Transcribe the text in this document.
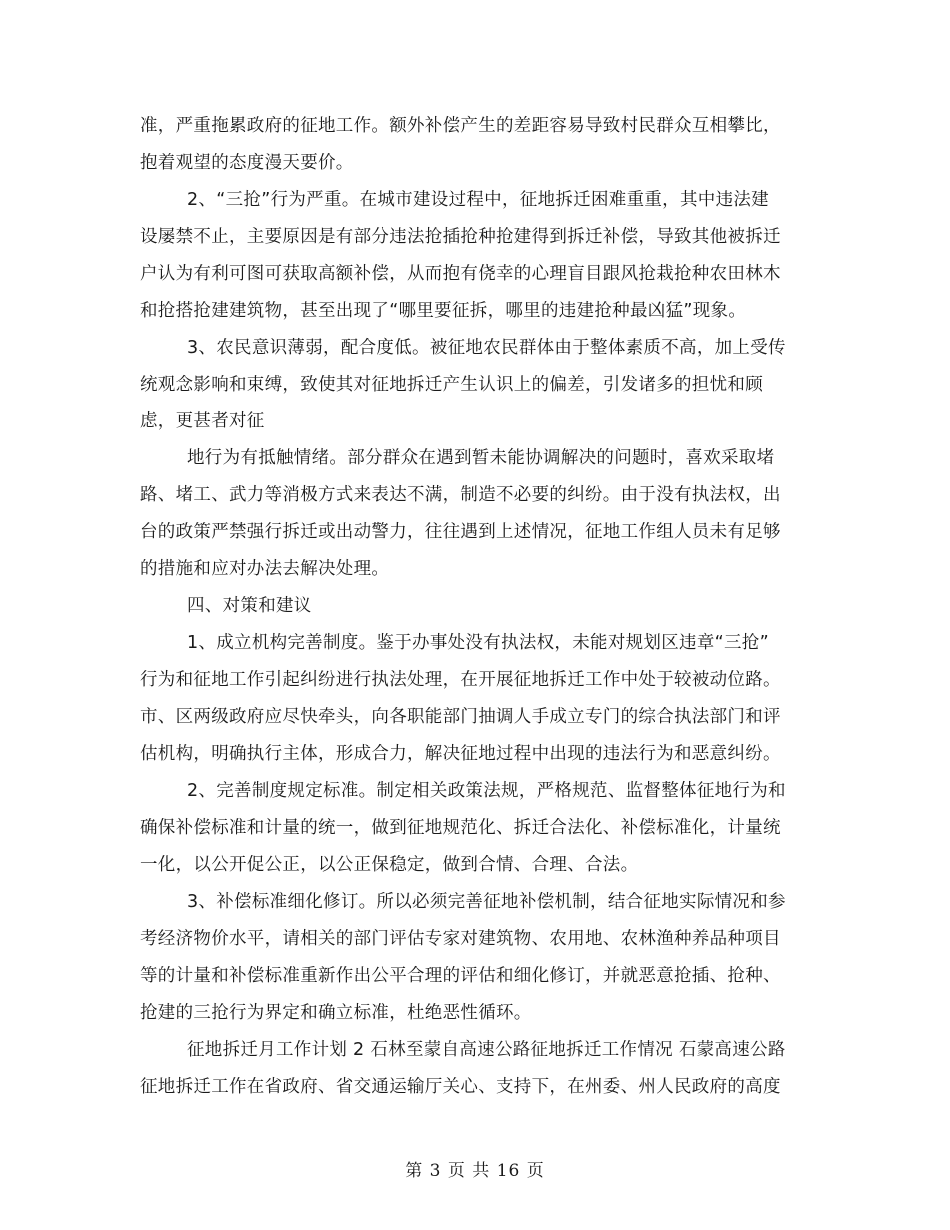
准，严重拖累政府的征地工作。额外补偿产生的差距容易导致村民群众互相攀比，
抱着观望的态度漫天要价。
2、“三抢”行为严重。在城市建设过程中，征地拆迁困难重重，其中违法建
设屡禁不止，主要原因是有部分违法抢插抢种抢建得到拆迁补偿，导致其他被拆迁
户认为有利可图可获取高额补偿，从而抱有侥幸的心理盲目跟风抢栽抢种农田林木
和抢搭抢建建筑物，甚至出现了“哪里要征拆，哪里的违建抢种最凶猛”现象。
3、农民意识薄弱，配合度低。被征地农民群体由于整体素质不高，加上受传
统观念影响和束缚，致使其对征地拆迁产生认识上的偏差，引发诸多的担忧和顾
虑，更甚者对征
地行为有抵触情绪。部分群众在遇到暂未能协调解决的问题时，喜欢采取堵
路、堵工、武力等消极方式来表达不满，制造不必要的纠纷。由于没有执法权，出
台的政策严禁强行拆迁或出动警力，往往遇到上述情况，征地工作组人员未有足够
的措施和应对办法去解决处理。
四、对策和建议
1、成立机构完善制度。鉴于办事处没有执法权，未能对规划区违章“三抢”
行为和征地工作引起纠纷进行执法处理，在开展征地拆迁工作中处于较被动位路。
市、区两级政府应尽快牵头，向各职能部门抽调人手成立专门的综合执法部门和评
估机构，明确执行主体，形成合力，解决征地过程中出现的违法行为和恶意纠纷。
2、完善制度规定标准。制定相关政策法规，严格规范、监督整体征地行为和
确保补偿标准和计量的统一，做到征地规范化、拆迁合法化、补偿标准化，计量统
一化，以公开促公正，以公正保稳定，做到合情、合理、合法。
3、补偿标准细化修订。所以必须完善征地补偿机制，结合征地实际情况和参
考经济物价水平，请相关的部门评估专家对建筑物、农用地、农林渔种养品种项目
等的计量和补偿标准重新作出公平合理的评估和细化修订，并就恶意抢插、抢种、
抢建的三抢行为界定和确立标准，杜绝恶性循环。
征地拆迁月工作计划 2 石林至蒙自高速公路征地拆迁工作情况 石蒙高速公路
征地拆迁工作在省政府、省交通运输厅关心、支持下，在州委、州人民政府的高度
第 3 页 共 16 页
